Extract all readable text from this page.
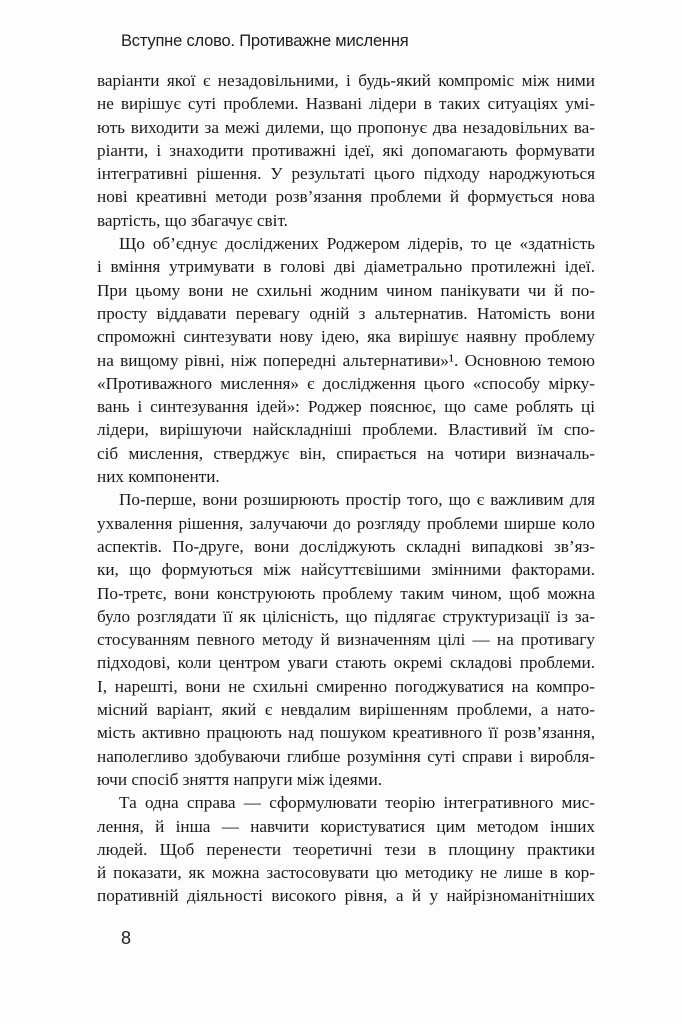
Вступне слово. Противажне мислення
варіанти якої є незадовільними, і будь-який компроміс між ними
не вирішує суті проблеми. Названі лідери в таких ситуаціях умі-
ють виходити за межі дилеми, що пропонує два незадовільних ва-
ріанти, і знаходити противажні ідеї, які допомагають формувати
інтегративні рішення. У результаті цього підходу народжуються
нові креативні методи розв’язання проблеми й формується нова
вартість, що збагачує світ.
Що об’єднує досліджених Роджером лідерів, то це «здатність
і вміння утримувати в голові дві діаметрально протилежні ідеї.
При цьому вони не схильні жодним чином панікувати чи й по-
просту віддавати перевагу одній з альтернатив. Натомість вони
спроможні синтезувати нову ідею, яка вирішує наявну проблему
на вищому рівні, ніж попередні альтернативи»¹. Основною темою
«Противажного мислення» є дослідження цього «способу мірку-
вань і синтезування ідей»: Роджер пояснює, що саме роблять ці
лідери, вирішуючи найскладніші проблеми. Властивий їм спо-
сіб мислення, стверджує він, спирається на чотири визначаль-
них компоненти.
По-перше, вони розширюють простір того, що є важливим для
ухвалення рішення, залучаючи до розгляду проблеми ширше коло
аспектів. По-друге, вони досліджують складні випадкові зв’яз-
ки, що формуються між найсуттєвішими змінними факторами.
По-третє, вони конструюють проблему таким чином, щоб можна
було розглядати її як цілісність, що підлягає структуризації із за-
стосуванням певного методу й визначенням цілі — на противагу
підходові, коли центром уваги стають окремі складові проблеми.
І, нарешті, вони не схильні смиренно погоджуватися на компро-
місний варіант, який є невдалим вирішенням проблеми, а нато-
мість активно працюють над пошуком креативного її розв’язання,
наполегливо здобуваючи глибше розуміння суті справи і виробля-
ючи спосіб зняття напруги між ідеями.
Та одна справа — сформулювати теорію інтегративного мис-
лення, й інша — навчити користуватися цим методом інших
людей. Щоб перенести теоретичні тези в площину практики
й показати, як можна застосовувати цю методику не лише в кор-
поративній діяльності високого рівня, а й у найрізноманітніших
8
